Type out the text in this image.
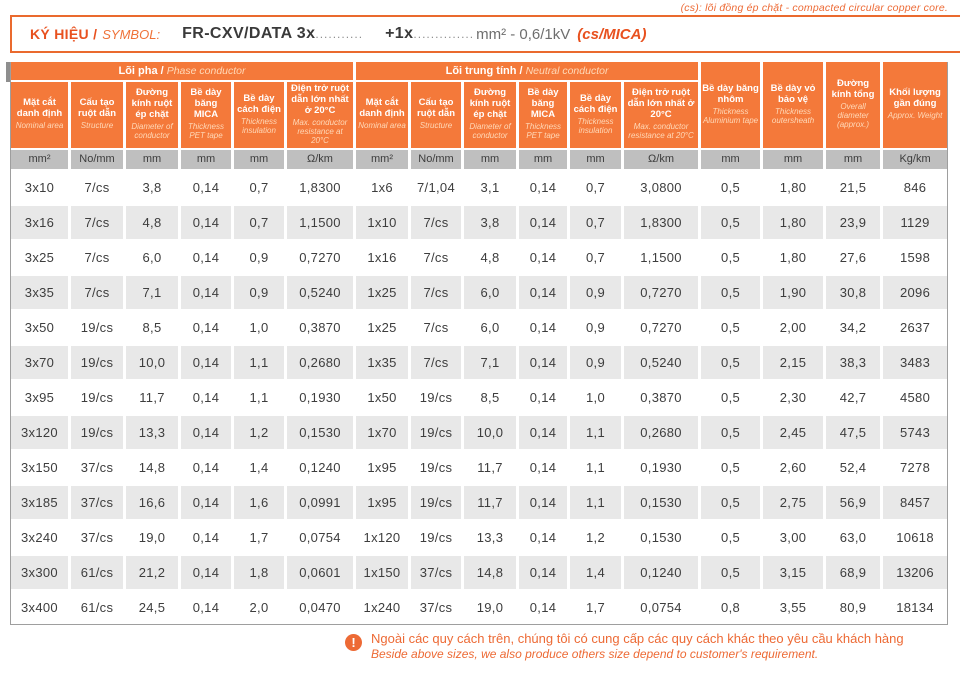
(cs): lõi đồng ép chặt - compacted circular copper core.
KÝ HIỆU / SYMBOL: FR-CXV/DATA 3x ........... +1x .............. mm² - 0,6/1kV (cs/MICA)
Lõi pha / Phase conductor	Lõi trung tính / Neutral conductor	
Bề dày băng nhôm
Thickness Aluminium tape

Bề dày vỏ bảo vệ
Thickness outersheath

Đường kính tổng
Overall diameter (approx.)

Khối lượng gần đúng
Approx. Weight

Mặt cắt danh định
Nominal area

Cấu tạo ruột dẫn
Structure

Đường kính ruột ép chặt
Diameter of conductor

Bề dày băng MICA
Thickness PET tape

Bề dày cách điện
Thickness insulation

Điện trở ruột dẫn lớn nhất ở 20°C
Max. conductor resistance at 20°C

Mặt cắt danh định
Nominal area

Cấu tạo ruột dẫn
Structure

Đường kính ruột ép chặt
Diameter of conductor

Bề dày băng MICA
Thickness PET tape

Bề dày cách điện
Thickness insulation

Điện trở ruột dẫn lớn nhất ở 20°C
Max. conductor resistance at 20°C

mm²	No/mm	mm	mm	mm	Ω/km	mm²	No/mm	mm	mm	mm	Ω/km	mm	mm	mm	Kg/km
3x10	7/cs	3,8	0,14	0,7	1,8300	1x6	7/1,04	3,1	0,14	0,7	3,0800	0,5	1,80	21,5	846
3x16	7/cs	4,8	0,14	0,7	1,1500	1x10	7/cs	3,8	0,14	0,7	1,8300	0,5	1,80	23,9	1129
3x25	7/cs	6,0	0,14	0,9	0,7270	1x16	7/cs	4,8	0,14	0,7	1,1500	0,5	1,80	27,6	1598
3x35	7/cs	7,1	0,14	0,9	0,5240	1x25	7/cs	6,0	0,14	0,9	0,7270	0,5	1,90	30,8	2096
3x50	19/cs	8,5	0,14	1,0	0,3870	1x25	7/cs	6,0	0,14	0,9	0,7270	0,5	2,00	34,2	2637
3x70	19/cs	10,0	0,14	1,1	0,2680	1x35	7/cs	7,1	0,14	0,9	0,5240	0,5	2,15	38,3	3483
3x95	19/cs	11,7	0,14	1,1	0,1930	1x50	19/cs	8,5	0,14	1,0	0,3870	0,5	2,30	42,7	4580
3x120	19/cs	13,3	0,14	1,2	0,1530	1x70	19/cs	10,0	0,14	1,1	0,2680	0,5	2,45	47,5	5743
3x150	37/cs	14,8	0,14	1,4	0,1240	1x95	19/cs	11,7	0,14	1,1	0,1930	0,5	2,60	52,4	7278
3x185	37/cs	16,6	0,14	1,6	0,0991	1x95	19/cs	11,7	0,14	1,1	0,1530	0,5	2,75	56,9	8457
3x240	37/cs	19,0	0,14	1,7	0,0754	1x120	19/cs	13,3	0,14	1,2	0,1530	0,5	3,00	63,0	10618
3x300	61/cs	21,2	0,14	1,8	0,0601	1x150	37/cs	14,8	0,14	1,4	0,1240	0,5	3,15	68,9	13206
3x400	61/cs	24,5	0,14	2,0	0,0470	1x240	37/cs	19,0	0,14	1,7	0,0754	0,8	3,55	80,9	18134
!	Ngoài các quy cách trên, chúng tôi có cung cấp các quy cách khác theo yêu cầu khách hàng
Beside above sizes, we also produce others size depend to customer's requirement.
